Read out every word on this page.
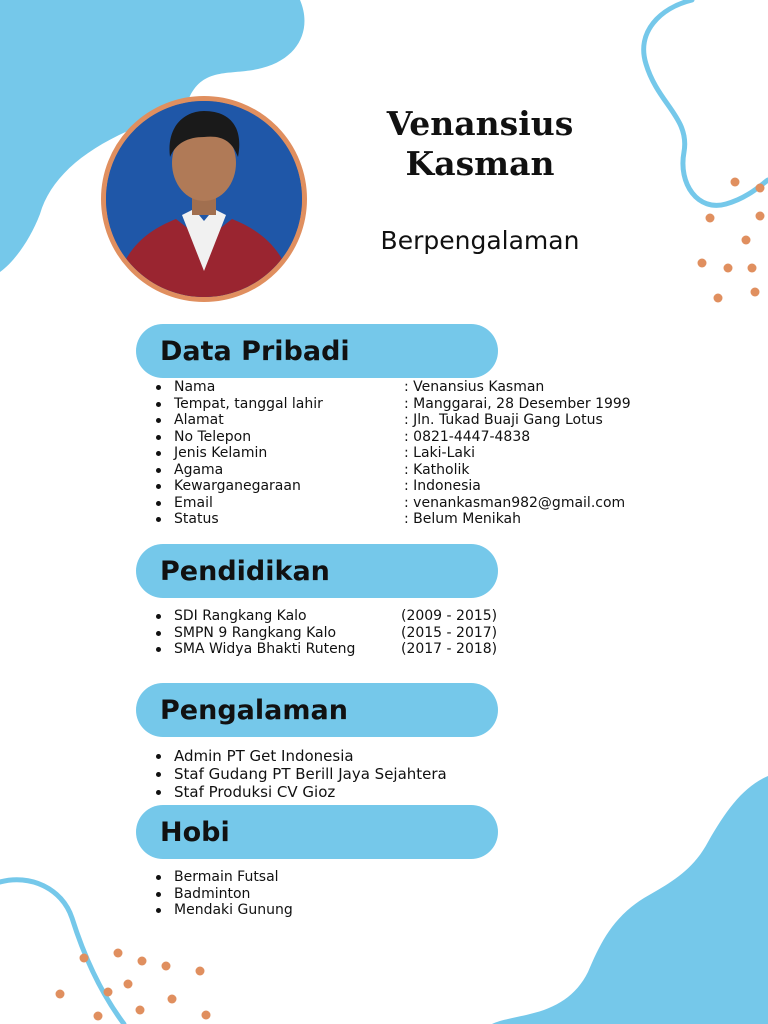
Venansius
Kasman
Berpengalaman
Data Pribadi
Nama	: Venansius Kasman
Tempat, tanggal lahir	: Manggarai, 28 Desember 1999
Alamat	: Jln. Tukad Buaji Gang Lotus
No Telepon	: 0821-4447-4838
Jenis Kelamin	: Laki-Laki
Agama	: Katholik
Kewarganegaraan	: Indonesia
Email	: venankasman982@gmail.com
Status	: Belum Menikah
Pendidikan
SDI Rangkang Kalo	(2009 - 2015)
SMPN 9 Rangkang Kalo	(2015 - 2017)
SMA Widya Bhakti Ruteng	(2017 - 2018)
Pengalaman
Admin PT Get Indonesia
Staf Gudang PT Berill Jaya Sejahtera
Staf Produksi CV Gioz
Hobi
Bermain Futsal
Badminton
Mendaki Gunung
